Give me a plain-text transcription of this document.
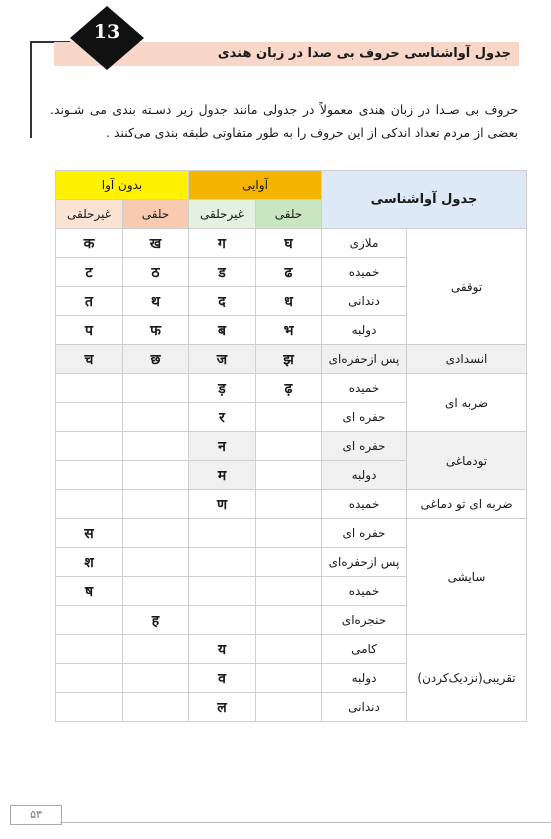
جدول آواشناسی حروف بی صدا در زبان هندی
13

حروف بی صـدا در زبان هندی معمولاً در جدولی مانند جدول زیر دسـته بندی می شـوند. بعضی از مردم تعداد اندکی از این حروف را به طور متفاوتی طبقه بندی می‌کنند .

جدول آواشناسی		آوایی		بدون آوا	
		حلقی	غیرحلقی	حلقی	غیرحلقی
توقفی	ملازی	घ	ग	ख	क
	خمیده	ढ	ड	ठ	ट
	دندانی	ध	द	थ	त
	دولبه	भ	ब	फ	प
انسدادی	پس ازحفره‌ای	झ	ज	छ	च
ضربه ای	خمیده	ढ़	ड़		
	حفره ای		र		
تودماغی	حفره ای		न		
	دولبه		म		
ضربه ای تو دماغی	خمیده		ण		
سایشی	حفره ای				स
	پس ازحفره‌ای				श
	خمیده				ष
	حنجره‌ای			ह	
تقریبی(نزدیک‌کردن)	کامی		य		
	دولبه		व		
	دندانی		ल		
۵۳
